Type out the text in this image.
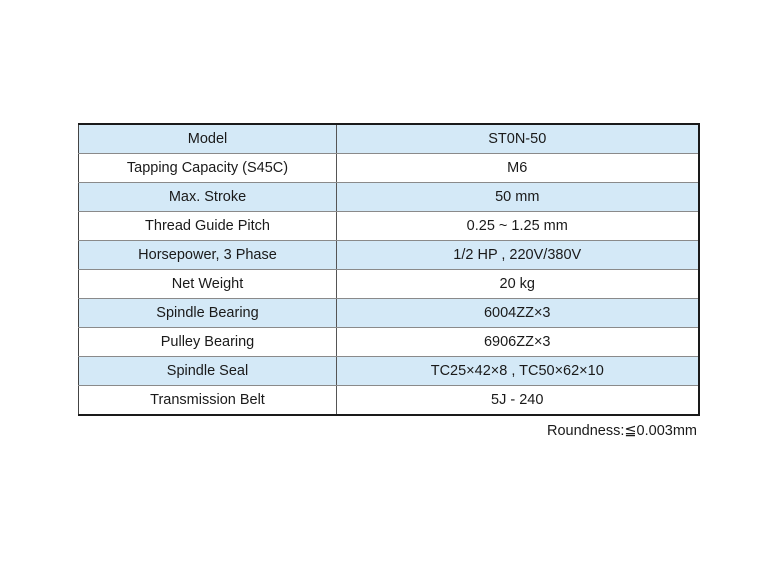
Model	ST0N-50
Tapping Capacity (S45C)	M6
Max. Stroke	50 mm
Thread Guide Pitch	0.25 ~ 1.25 mm
Horsepower, 3 Phase	1/2 HP , 220V/380V
Net Weight	20 kg
Spindle Bearing	6004ZZ×3
Pulley Bearing	6906ZZ×3
Spindle Seal	TC25×42×8 , TC50×62×10
Transmission Belt	5J - 240
Roundness:≦0.003mm
